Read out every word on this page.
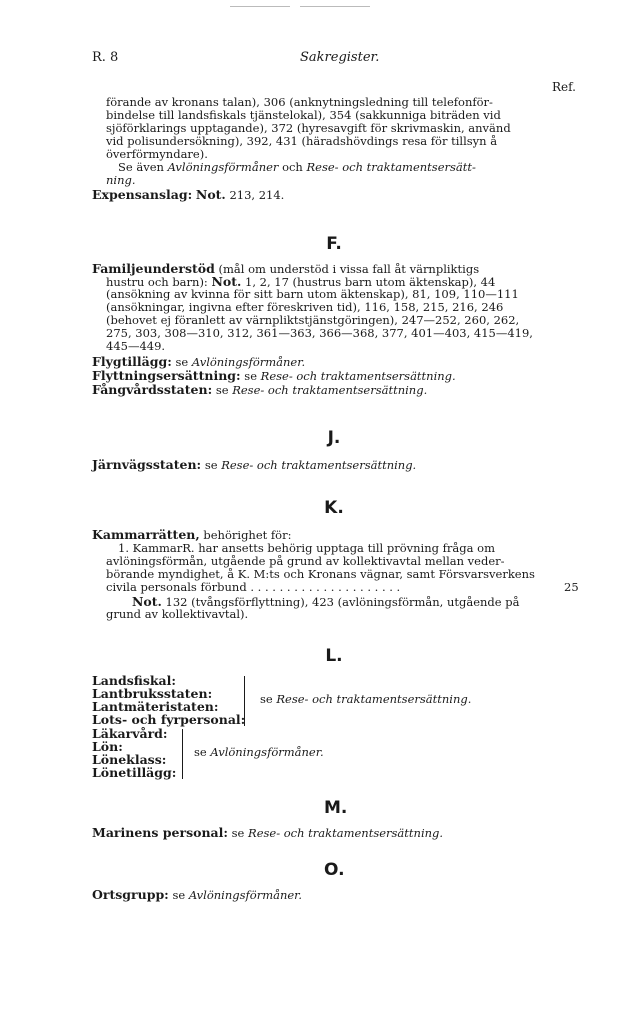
R. 8	Sakregister.
Ref.
förande av kronans talan), 306 (anknytningsledning till telefonför-
bindelse till landsfiskals tjänstelokal), 354 (sakkunniga biträden vid
sjöförklarings upptagande), 372 (hyresavgift för skrivmaskin, använd
vid polisundersökning), 392, 431 (häradshövdings resa för tillsyn å
överförmyndare).
Se även Avlöningsförmåner och Rese- och traktamentsersätt-
ning.
Expensanslag: Not. 213, 214.
F.
Familjeunderstöd (mål om understöd i vissa fall åt värnpliktigs
hustru och barn): Not. 1, 2, 17 (hustrus barn utom äktenskap), 44
(ansökning av kvinna för sitt barn utom äktenskap), 81, 109, 110—111
(ansökningar, ingivna efter föreskriven tid), 116, 158, 215, 216, 246
(behovet ej föranlett av värnpliktstjänstgöringen), 247—252, 260, 262,
275, 303, 308—310, 312, 361—363, 366—368, 377, 401—403, 415—419,
445—449.
Flygtillägg: se Avlöningsförmåner.
Flyttningsersättning: se Rese- och traktamentsersättning.
Fångvårdsstaten: se Rese- och traktamentsersättning.
J.
Järnvägsstaten: se Rese- och traktamentsersättning.
K.
Kammarrätten, behörighet för:
1. KammarR. har ansetts behörig upptaga till prövning fråga om
avlöningsförmån, utgående på grund av kollektivavtal mellan veder-
börande myndighet, å K. M:ts och Kronans vägnar, samt Försvarsverkens
civila personals förbund . . . . . . . . . . . . . . . . . . . . .	25
Not. 132 (tvångsförflyttning), 423 (avlöningsförmån, utgående på
grund av kollektivavtal).
L.
Landsfiskal:
Lantbruksstaten:
Lantmäteristaten:
Lots- och fyrpersonal:
se Rese- och traktamentsersättning.
Läkarvård:
Lön:
Löneklass:
Lönetillägg:
se Avlöningsförmåner.
M.
Marinens personal: se Rese- och traktamentsersättning.
O.
Ortsgrupp: se Avlöningsförmåner.
